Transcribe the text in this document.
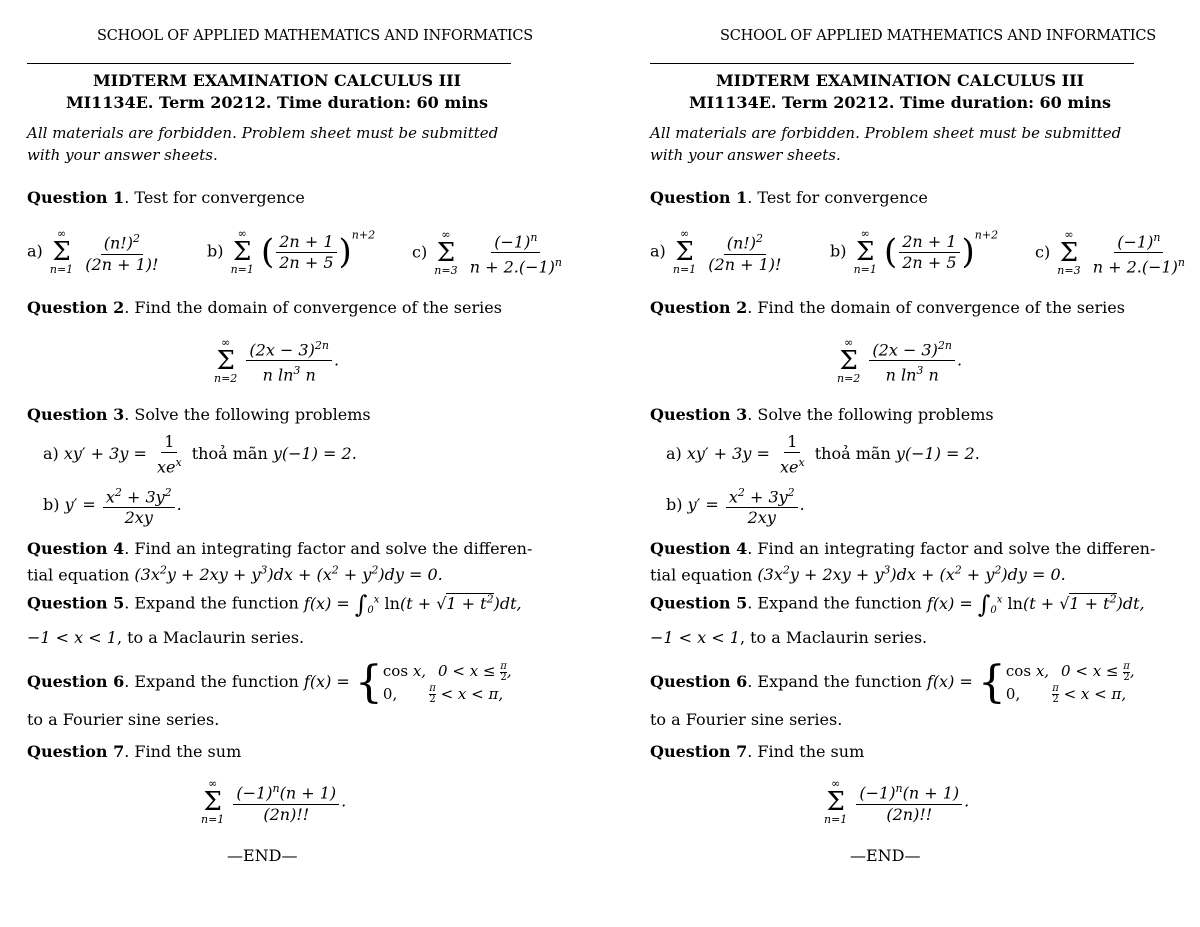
SCHOOL OF APPLIED MATHEMATICS AND INFORMATICS
MIDTERM EXAMINATION CALCULUS III
MI1134E. Term 20212. Time duration: 60 mins
All materials are forbidden. Problem sheet must be submitted with your answer sheets.
Question 1. Test for convergence
a)
∞
Σ
n=1
$\frac{(n!)^2}{(2n + 1)!}$	b)
∞
Σ
n=1 ( $\frac{2n + 1}{2n + 5} )^{n+2}$
c)
∞
Σ
n=3
$\frac{(-1)^n}{n + 2.(-1)^n}$
Question 2. Find the domain of convergence of the series
∞
Σ
n=2
$\frac{(2x - 3)^{2n}}{n \ln^3 n}$ .
Question 3. Solve the following problems
a) $xy' + 3y = \frac{1}{xe^x}$ thoả mãn y(−1) = 2.
b) $y' = \frac{x^2 + 3y^2}{2xy}$ .
Question 4. Find an integrating factor and solve the differen-
tial equation $(3x^2y + 2xy + y^3)dx + (x^2 + y^2)dy = 0$.
Question 5. Expand the function $f(x) = \int_0^x$ $\ln(t + √1 + t^2)dt$,
−1 < x < 1, to a Maclaurin series.
Question 6. Expand the function f(x) = { cos x, $0 < x \le \frac{\pi}{2}$ ,
0,	$\frac{\pi}{2} < x < \pi$,
to a Fourier sine series.
Question 7. Find the sum
∞
Σ
n=1
$\frac{(-1)^n(n + 1)}{(2n)!!}$ .
—END—
SCHOOL OF APPLIED MATHEMATICS AND INFORMATICS
MIDTERM EXAMINATION CALCULUS III
MI1134E. Term 20212. Time duration: 60 mins
All materials are forbidden. Problem sheet must be submitted with your answer sheets.
Question 1. Test for convergence
a)
∞
Σ
n=1
$\frac{(n!)^2}{(2n + 1)!}$	b)
∞
Σ
n=1 ( $\frac{2n + 1}{2n + 5} )^{n+2}$
c)
∞
Σ
n=3
$\frac{(-1)^n}{n + 2.(-1)^n}$
Question 2. Find the domain of convergence of the series
∞
Σ
n=2
$\frac{(2x - 3)^{2n}}{n \ln^3 n}$ .
Question 3. Solve the following problems
a) $xy' + 3y = \frac{1}{xe^x}$ thoả mãn y(−1) = 2.
b) $y' = \frac{x^2 + 3y^2}{2xy}$ .
Question 4. Find an integrating factor and solve the differen-
tial equation $(3x^2y + 2xy + y^3)dx + (x^2 + y^2)dy = 0$.
Question 5. Expand the function $f(x) = \int_0^x$ $\ln(t + √1 + t^2)dt$,
−1 < x < 1, to a Maclaurin series.
Question 6. Expand the function f(x) = { cos x, $0 < x \le \frac{\pi}{2}$ ,
0,	$\frac{\pi}{2} < x < \pi$,
to a Fourier sine series.
Question 7. Find the sum
∞
Σ
n=1
$\frac{(-1)^n(n + 1)}{(2n)!!}$ .
—END—
